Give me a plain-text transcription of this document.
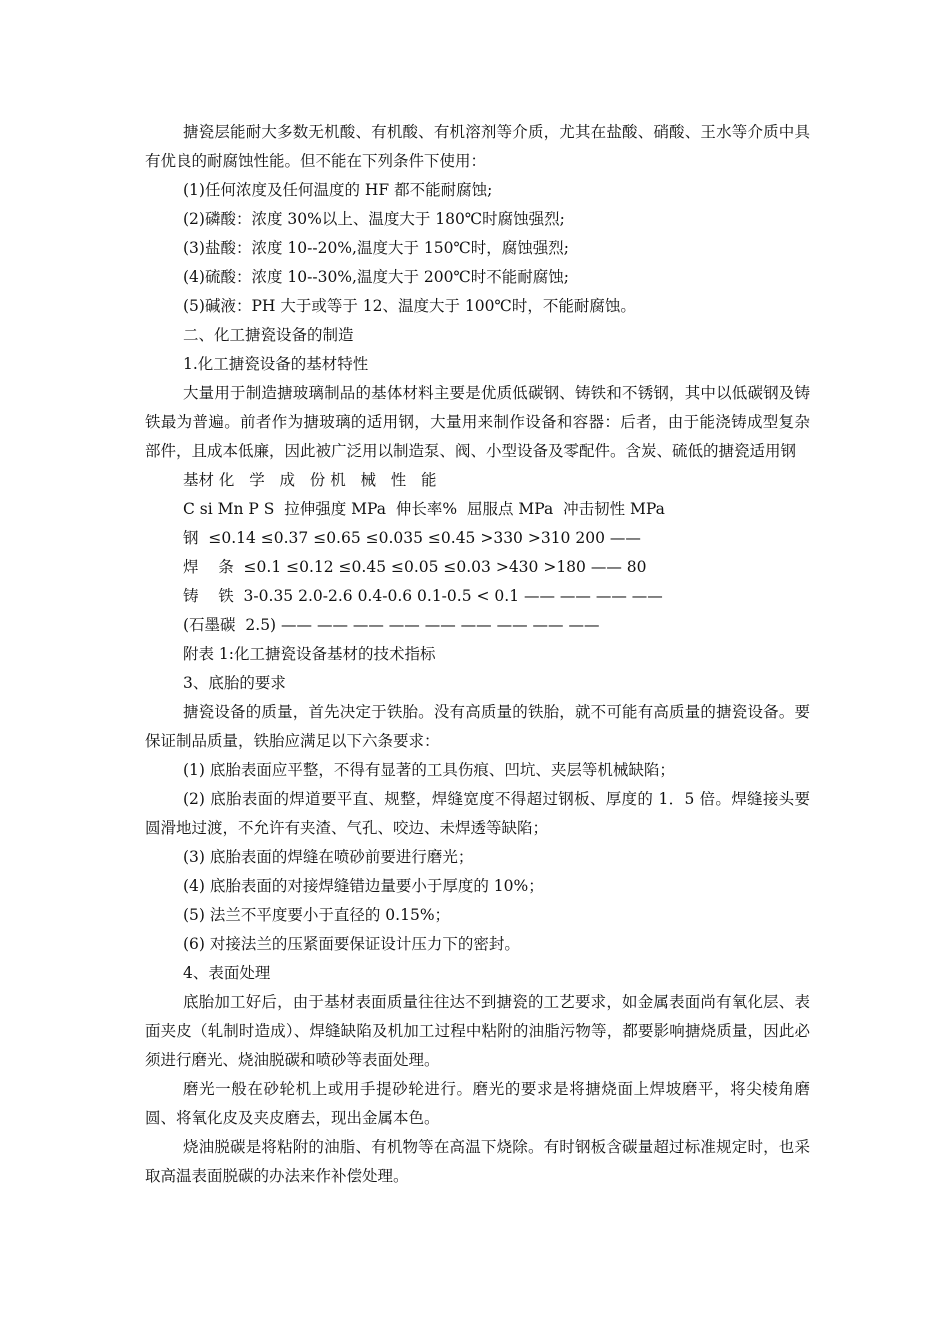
搪瓷层能耐大多数无机酸、有机酸、有机溶剂等介质，尤其在盐酸、硝酸、王水等介质中具有优良的耐腐蚀性能。但不能在下列条件下使用：

(1)任何浓度及任何温度的 HF 都不能耐腐蚀;

(2)磷酸：浓度 30%以上、温度大于 180℃时腐蚀强烈;

(3)盐酸：浓度 10--20%,温度大于 150℃时，腐蚀强烈;

(4)硫酸：浓度 10--30%,温度大于 200℃时不能耐腐蚀;

(5)碱液：PH 大于或等于 12、温度大于 100℃时，不能耐腐蚀。

二、化工搪瓷设备的制造

1.化工搪瓷设备的基材特性

大量用于制造搪玻璃制品的基体材料主要是优质低碳钢、铸铁和不锈钢，其中以低碳钢及铸铁最为普遍。前者作为搪玻璃的适用钢，大量用来制作设备和容器：后者，由于能浇铸成型复杂部件，且成本低廉，因此被广泛用以制造泵、阀、小型设备及零配件。含炭、硫低的搪瓷适用钢

基材 化   学   成   份 机   械   性   能

C si Mn P S  拉伸强度 MPa  伸长率%  屈服点 MPa  冲击韧性 MPa

钢  ≤0.14 ≤0.37 ≤0.65 ≤0.035 ≤0.45 >330 >310 200 ——

焊    条  ≤0.1 ≤0.12 ≤0.45 ≤0.05 ≤0.03 >430 >180 —— 80

铸    铁  3-0.35 2.0-2.6 0.4-0.6 0.1-0.5 < 0.1 —— —— —— ——

(石墨碳  2.5) —— —— —— —— —— —— —— —— ——

附表 1:化工搪瓷设备基材的技术指标

3、底胎的要求

搪瓷设备的质量，首先决定于铁胎。没有高质量的铁胎，就不可能有高质量的搪瓷设备。要保证制品质量，铁胎应满足以下六条要求：

(1) 底胎表面应平整，不得有显著的工具伤痕、凹坑、夹层等机械缺陷；

(2) 底胎表面的焊道要平直、规整，焊缝宽度不得超过钢板、厚度的 1．5 倍。焊缝接头要圆滑地过渡，不允许有夹渣、气孔、咬边、未焊透等缺陷；

(3) 底胎表面的焊缝在喷砂前要进行磨光；

(4) 底胎表面的对接焊缝错边量要小于厚度的 10%；

(5) 法兰不平度要小于直径的 0.15%；

(6) 对接法兰的压紧面要保证设计压力下的密封。

4、表面处理

底胎加工好后，由于基材表面质量往往达不到搪瓷的工艺要求，如金属表面尚有氧化层、表面夹皮（轧制时造成）、焊缝缺陷及机加工过程中粘附的油脂污物等，都要影响搪烧质量，因此必须进行磨光、烧油脱碳和喷砂等表面处理。

磨光一般在砂轮机上或用手提砂轮进行。磨光的要求是将搪烧面上焊坡磨平，将尖棱角磨圆、将氧化皮及夹皮磨去，现出金属本色。

烧油脱碳是将粘附的油脂、有机物等在高温下烧除。有时钢板含碳量超过标准规定时，也采取高温表面脱碳的办法来作补偿处理。
